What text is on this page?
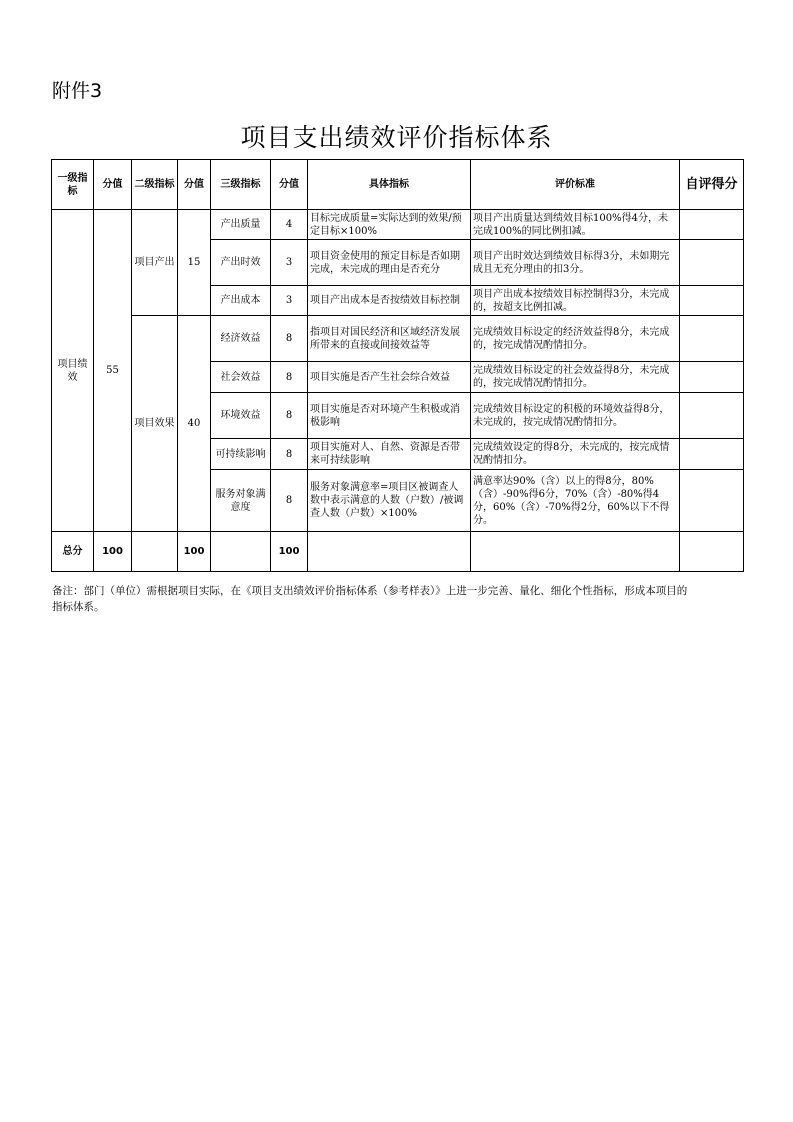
附件3
项目支出绩效评价指标体系
一级指标	分值	二级指标	分值	三级指标	分值	具体指标	评价标准	自评得分
项目绩效	55	项目产出	15	产出质量	4	目标完成质量=实际达到的效果/预定目标×100%	项目产出质量达到绩效目标100%得4分，未完成100%的同比例扣减。	
				产出时效	3	项目资金使用的预定目标是否如期完成，未完成的理由是否充分	项目产出时效达到绩效目标得3分，未如期完成且无充分理由的扣3分。	
				产出成本	3	项目产出成本是否按绩效目标控制	项目产出成本按绩效目标控制得3分，未完成的，按超支比例扣减。	
		项目效果	40	经济效益	8	指项目对国民经济和区域经济发展所带来的直接或间接效益等	完成绩效目标设定的经济效益得8分，未完成的，按完成情况酌情扣分。	
				社会效益	8	项目实施是否产生社会综合效益	完成绩效目标设定的社会效益得8分，未完成的，按完成情况酌情扣分。	
				环境效益	8	项目实施是否对环境产生积极或消极影响	完成绩效目标设定的积极的环境效益得8分，未完成的，按完成情况酌情扣分。	
				可持续影响	8	项目实施对人、自然、资源是否带来可持续影响	完成绩效设定的得8分，未完成的，按完成情况酌情扣分。	
				服务对象满意度	8	服务对象满意率=项目区被调查人数中表示满意的人数（户数）/被调查人数（户数）×100%	满意率达90%（含）以上的得8分，80%（含）-90%得6分，70%（含）-80%得4分，60%（含）-70%得2分，60%以下不得分。	
总分	100		100		100			
备注：部门（单位）需根据项目实际，在《项目支出绩效评价指标体系（参考样表）》上进一步完善、量化、细化个性指标，形成本项目的指标体系。
